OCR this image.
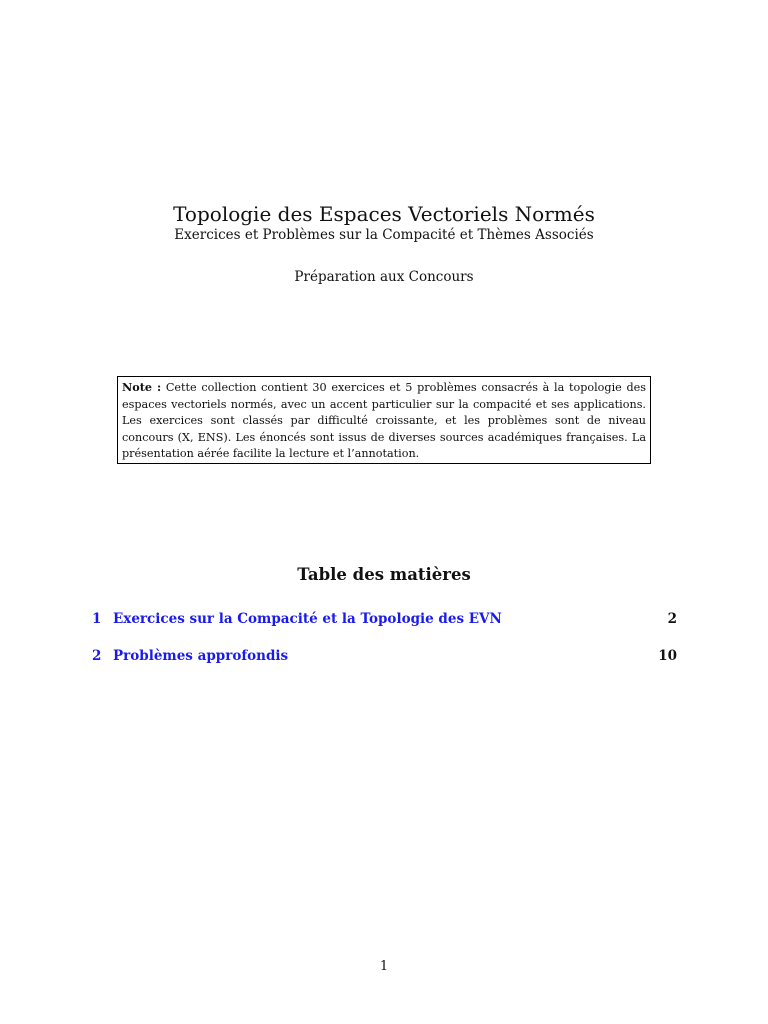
Topologie des Espaces Vectoriels Normés
Exercices et Problèmes sur la Compacité et Thèmes Associés
Préparation aux Concours
Note : Cette collection contient 30 exercices et 5 problèmes consacrés à la topologie des espaces vectoriels normés, avec un accent particulier sur la compacité et ses applications. Les exercices sont classés par difficulté croissante, et les problèmes sont de niveau concours (X, ENS). Les énoncés sont issus de diverses sources académiques françaises. La présentation aérée facilite la lecture et l’annotation.
Table des matières
1 Exercices sur la Compacité et la Topologie des EVN	2
2 Problèmes approfondis	10
1
